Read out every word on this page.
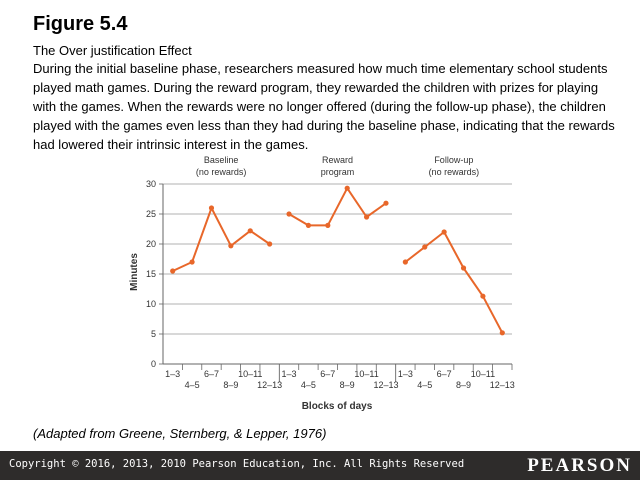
Figure 5.4
The Over justification Effect
During the initial baseline phase, researchers measured how much time elementary school students played math games. During the reward program, they rewarded the children with prizes for playing with the games. When the rewards were no longer offered (during the follow-up phase), the children played with the games even less than they had during the baseline phase, indicating that the rewards had lowered their intrinsic interest in the games.
0
5
10
15
20
25
30
1–3	6–7 10–11
4–5	8–9 12–13
1–3	6–7 10–11
4–5	8–9 12–13
1–3	6–7 10–11
4–5	8–9 12–13
Baseline
(no rewards)
Reward
program
Follow-up
(no rewards)
Minutes
Blocks of days
(Adapted from Greene, Sternberg, & Lepper, 1976)
Copyright © 2016, 2013, 2010 Pearson Education, Inc. All Rights Reserved	PEARSON
